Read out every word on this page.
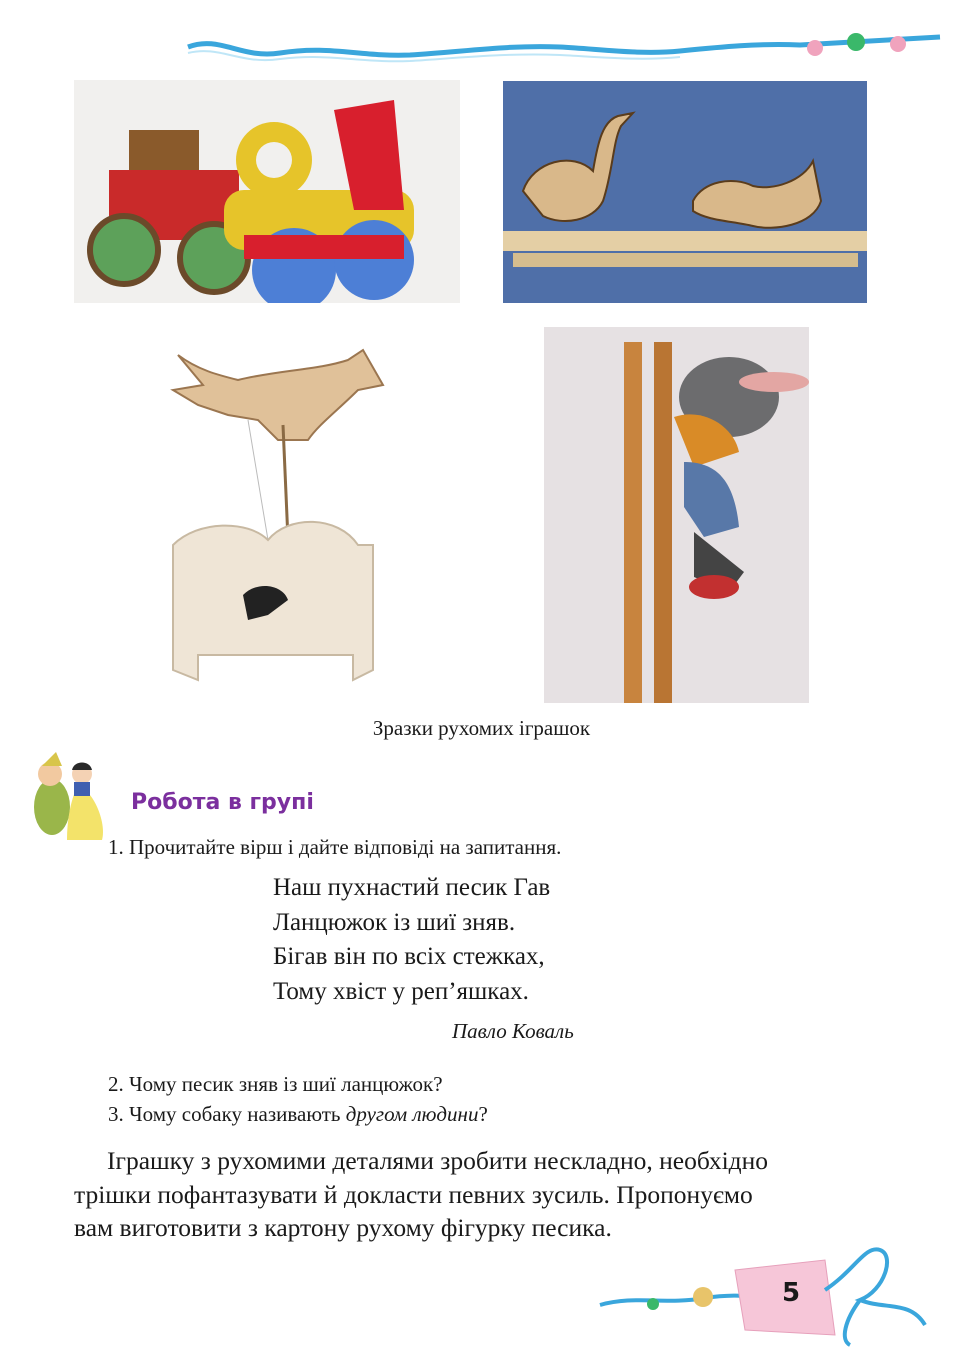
Зразки рухомих іграшок
Робота в групі
1. Прочитайте вірш і дайте відповіді на запитання.
Наш пухнастий песик Гав
Ланцюжок із шиї зняв.
Бігав він по всіх стежках,
Тому хвіст у реп’яшках.
Павло Коваль
2. Чому песик зняв із шиї ланцюжок?
3. Чому собаку називають другом людини?
Іграшку з рухомими деталями зробити нескладно, необхідно
трішки пофантазувати й докласти певних зусиль. Пропонуємо
вам виготовити з картону рухому фігурку песика.
5
